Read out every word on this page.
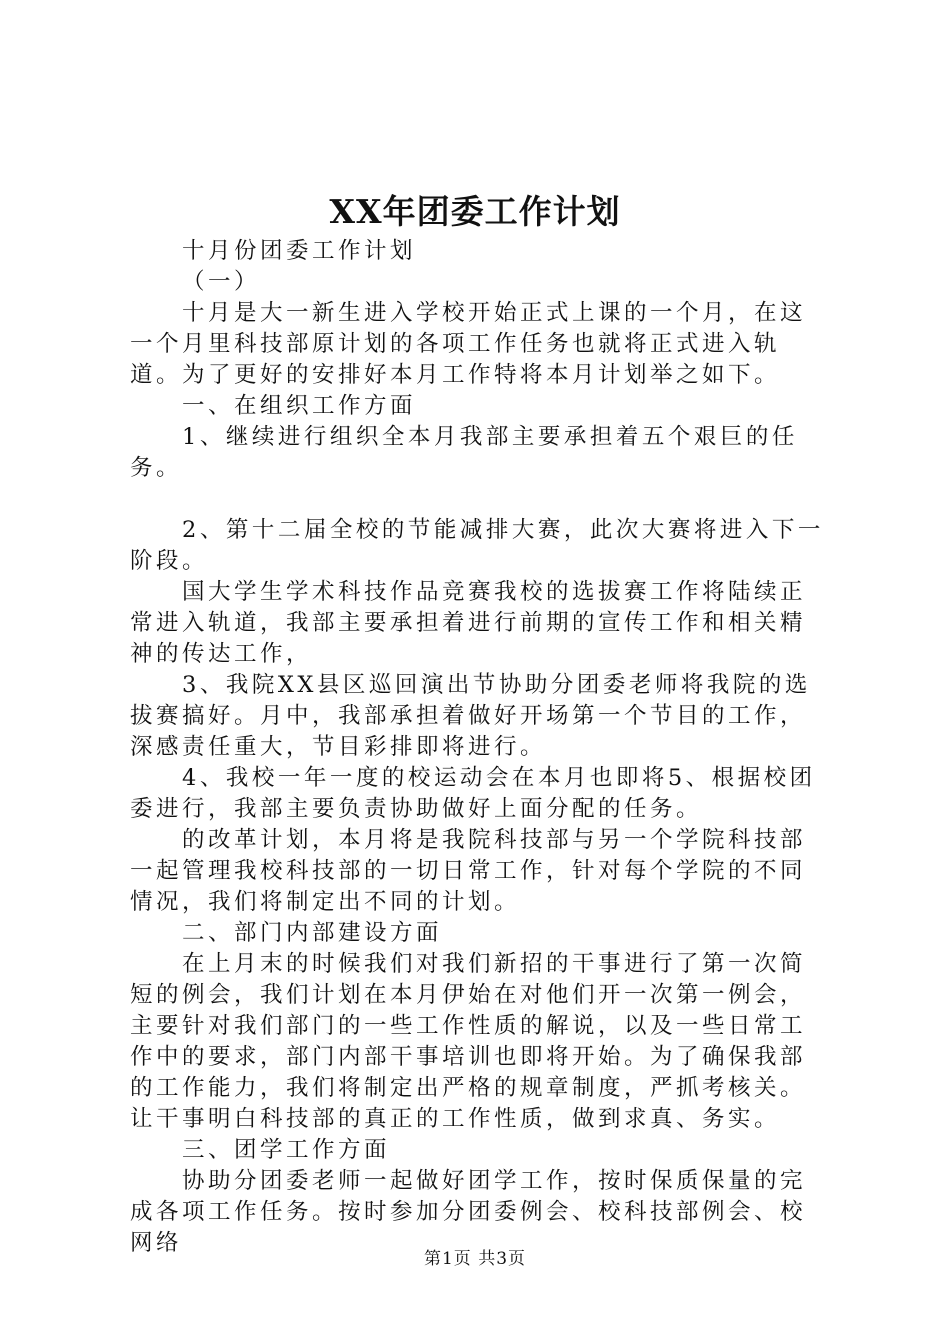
XX年团委工作计划

十月份团委工作计划

（一）

十月是大一新生进入学校开始正式上课的一个月，在这一个月里科技部原计划的各项工作任务也就将正式进入轨道。为了更好的安排好本月工作特将本月计划举之如下。

一、在组织工作方面

1、继续进行组织全本月我部主要承担着五个艰巨的任务。

2、第十二届全校的节能减排大赛，此次大赛将进入下一阶段。

国大学生学术科技作品竞赛我校的选拔赛工作将陆续正常进入轨道，我部主要承担着进行前期的宣传工作和相关精神的传达工作，

3、我院XX县区巡回演出节协助分团委老师将我院的选拔赛搞好。月中，我部承担着做好开场第一个节目的工作，深感责任重大，节目彩排即将进行。

4、我校一年一度的校运动会在本月也即将5、根据校团委进行，我部主要负责协助做好上面分配的任务。

的改革计划，本月将是我院科技部与另一个学院科技部一起管理我校科技部的一切日常工作，针对每个学院的不同情况，我们将制定出不同的计划。

二、部门内部建设方面

在上月末的时候我们对我们新招的干事进行了第一次简短的例会，我们计划在本月伊始在对他们开一次第一例会，主要针对我们部门的一些工作性质的解说，以及一些日常工作中的要求，部门内部干事培训也即将开始。为了确保我部的工作能力，我们将制定出严格的规章制度，严抓考核关。让干事明白科技部的真正的工作性质，做到求真、务实。

三、团学工作方面

协助分团委老师一起做好团学工作，按时保质保量的完成各项工作任务。按时参加分团委例会、校科技部例会、校网络

第1页 共3页
